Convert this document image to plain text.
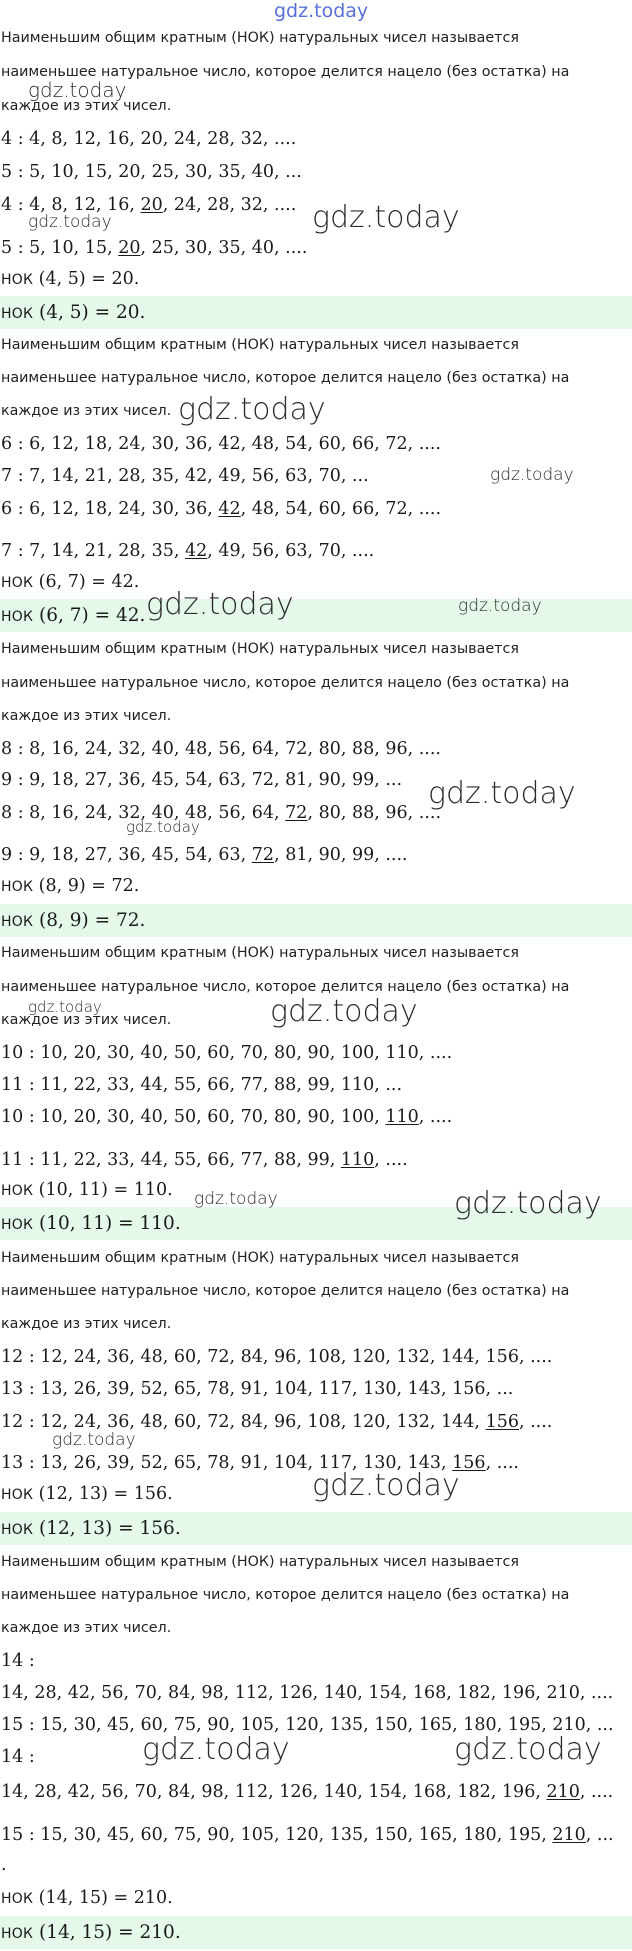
gdz.today
Наименьшим общим кратным (НОК) натуральных чисел называется
наименьшее натуральное число, которое делится нацело (без остатка) на
каждое из этих чисел.
4 : 4, 8, 12, 16, 20, 24, 28, 32, ....
5 : 5, 10, 15, 20, 25, 30, 35, 40, ...
4 : 4, 8, 12, 16, 20, 24, 28, 32, ....
5 : 5, 10, 15, 20, 25, 30, 35, 40, ....
НОК (4, 5) = 20.
НОК (4, 5) = 20.
Наименьшим общим кратным (НОК) натуральных чисел называется
наименьшее натуральное число, которое делится нацело (без остатка) на
каждое из этих чисел.
6 : 6, 12, 18, 24, 30, 36, 42, 48, 54, 60, 66, 72, ....
7 : 7, 14, 21, 28, 35, 42, 49, 56, 63, 70, ...
6 : 6, 12, 18, 24, 30, 36, 42, 48, 54, 60, 66, 72, ....
7 : 7, 14, 21, 28, 35, 42, 49, 56, 63, 70, ....
НОК (6, 7) = 42.
НОК (6, 7) = 42.
Наименьшим общим кратным (НОК) натуральных чисел называется
наименьшее натуральное число, которое делится нацело (без остатка) на
каждое из этих чисел.
8 : 8, 16, 24, 32, 40, 48, 56, 64, 72, 80, 88, 96, ....
9 : 9, 18, 27, 36, 45, 54, 63, 72, 81, 90, 99, ...
8 : 8, 16, 24, 32, 40, 48, 56, 64, 72, 80, 88, 96, ....
9 : 9, 18, 27, 36, 45, 54, 63, 72, 81, 90, 99, ....
НОК (8, 9) = 72.
НОК (8, 9) = 72.
Наименьшим общим кратным (НОК) натуральных чисел называется
наименьшее натуральное число, которое делится нацело (без остатка) на
каждое из этих чисел.
10 : 10, 20, 30, 40, 50, 60, 70, 80, 90, 100, 110, ....
11 : 11, 22, 33, 44, 55, 66, 77, 88, 99, 110, ...
10 : 10, 20, 30, 40, 50, 60, 70, 80, 90, 100, 110, ....
11 : 11, 22, 33, 44, 55, 66, 77, 88, 99, 110, ....
НОК (10, 11) = 110.
НОК (10, 11) = 110.
Наименьшим общим кратным (НОК) натуральных чисел называется
наименьшее натуральное число, которое делится нацело (без остатка) на
каждое из этих чисел.
12 : 12, 24, 36, 48, 60, 72, 84, 96, 108, 120, 132, 144, 156, ....
13 : 13, 26, 39, 52, 65, 78, 91, 104, 117, 130, 143, 156, ...
12 : 12, 24, 36, 48, 60, 72, 84, 96, 108, 120, 132, 144, 156, ....
13 : 13, 26, 39, 52, 65, 78, 91, 104, 117, 130, 143, 156, ....
НОК (12, 13) = 156.
НОК (12, 13) = 156.
Наименьшим общим кратным (НОК) натуральных чисел называется
наименьшее натуральное число, которое делится нацело (без остатка) на
каждое из этих чисел.
14 :
14, 28, 42, 56, 70, 84, 98, 112, 126, 140, 154, 168, 182, 196, 210, ....
15 : 15, 30, 45, 60, 75, 90, 105, 120, 135, 150, 165, 180, 195, 210, ...
14 :
14, 28, 42, 56, 70, 84, 98, 112, 126, 140, 154, 168, 182, 196, 210, ....
15 : 15, 30, 45, 60, 75, 90, 105, 120, 135, 150, 165, 180, 195, 210, ...
.
НОК (14, 15) = 210.
НОК (14, 15) = 210.
gdz.today
gdz.today
gdz.today
gdz.today
gdz.today
gdz.today	gdz.today
gdz.today
gdz.today
gdz.today
gdz.today
gdz.today	gdz.today
gdz.today
gdz.today
gdz.today	gdz.today
